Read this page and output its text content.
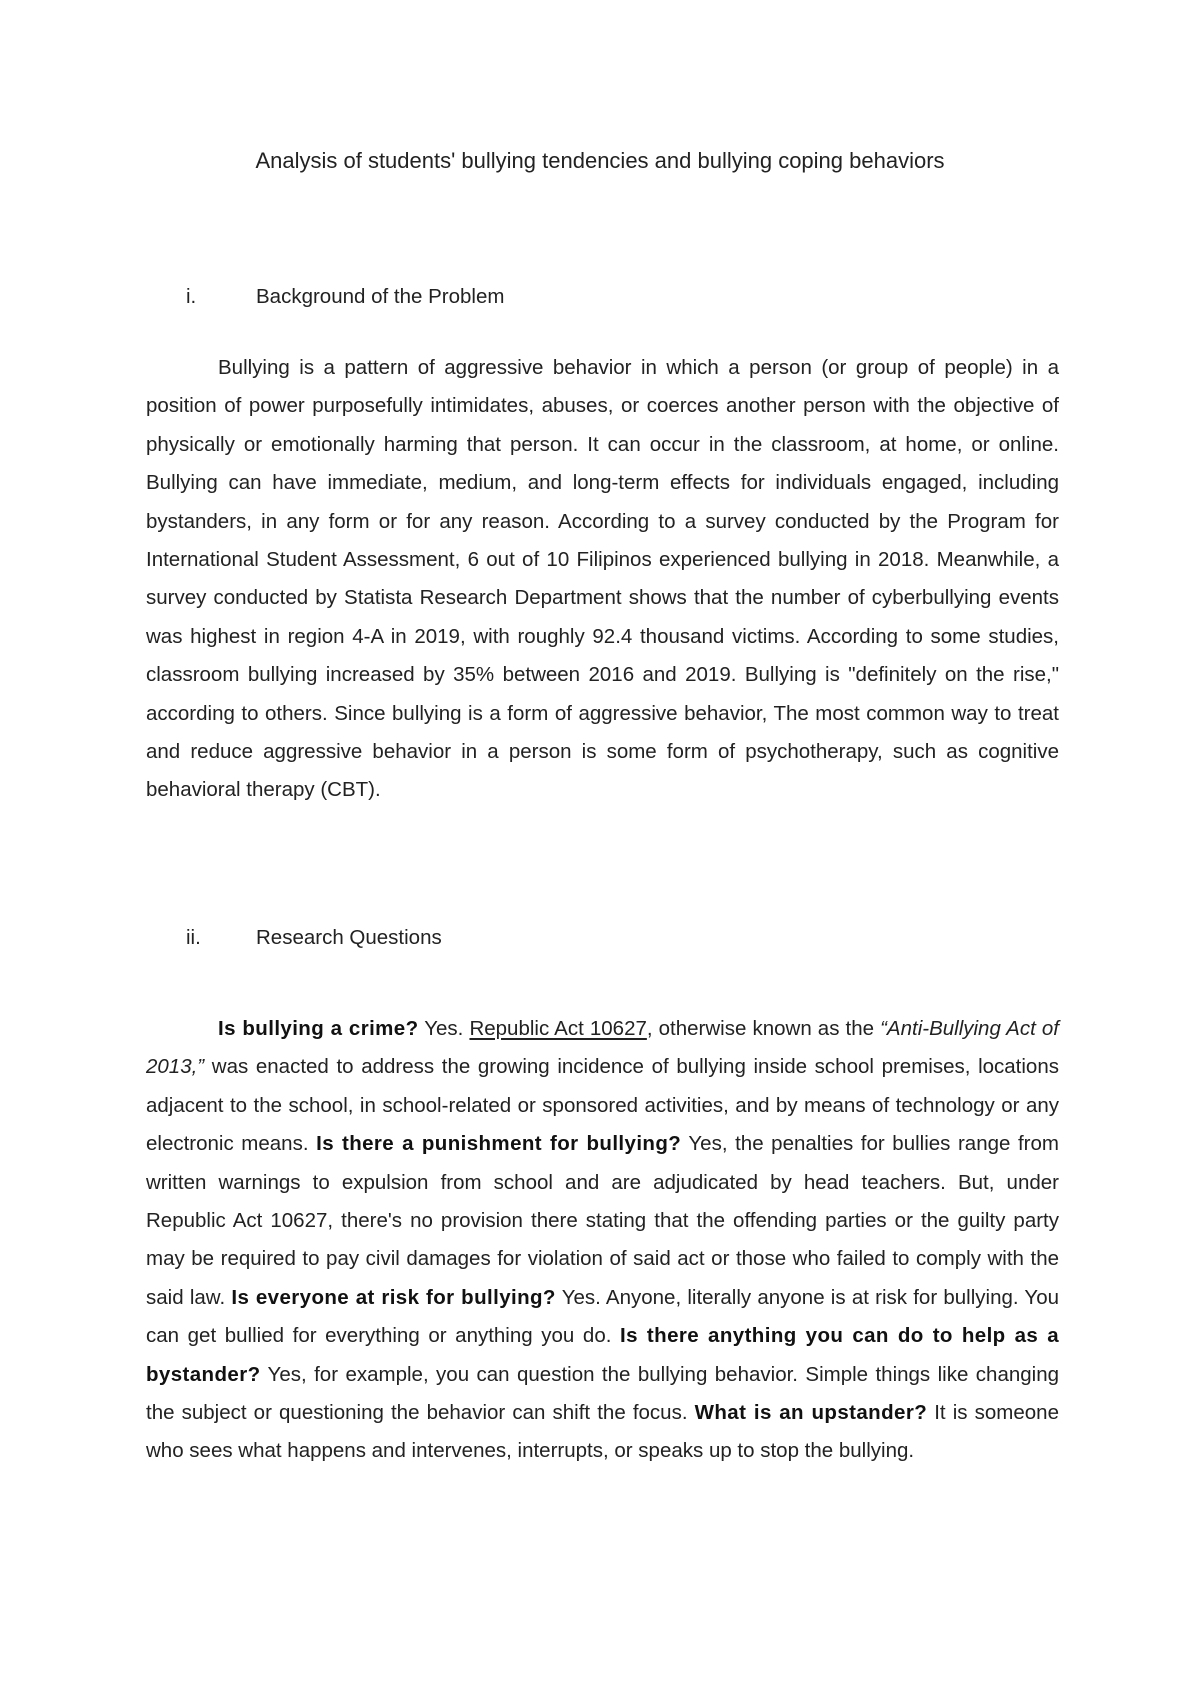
Analysis of students' bullying tendencies and bullying coping behaviors
i.	Background of the Problem

Bullying is a pattern of aggressive behavior in which a person (or group of people) in a position of power purposefully intimidates, abuses, or coerces another person with the objective of physically or emotionally harming that person. It can occur in the classroom, at home, or online. Bullying can have immediate, medium, and long-term effects for individuals engaged, including bystanders, in any form or for any reason. According to a survey conducted by the Program for International Student Assessment, 6 out of 10 Filipinos experienced bullying in 2018. Meanwhile, a survey conducted by Statista Research Department shows that the number of cyberbullying events was highest in region 4-A in 2019, with roughly 92.4 thousand victims. According to some studies, classroom bullying increased by 35% between 2016 and 2019. Bullying is "definitely on the rise," according to others. Since bullying is a form of aggressive behavior, The most common way to treat and reduce aggressive behavior in a person is some form of psychotherapy, such as cognitive behavioral therapy (CBT).

ii.	Research Questions

Is bullying a crime? Yes. Republic Act 10627, otherwise known as the “Anti-Bullying Act of 2013,” was enacted to address the growing incidence of bullying inside school premises, locations adjacent to the school, in school-related or sponsored activities, and by means of technology or any electronic means. Is there a punishment for bullying? Yes, the penalties for bullies range from written warnings to expulsion from school and are adjudicated by head teachers. But, under Republic Act 10627, there's no provision there stating that the offending parties or the guilty party may be required to pay civil damages for violation of said act or those who failed to comply with the said law. Is everyone at risk for bullying? Yes. Anyone, literally anyone is at risk for bullying. You can get bullied for everything or anything you do. Is there anything you can do to help as a bystander? Yes, for example, you can question the bullying behavior. Simple things like changing the subject or questioning the behavior can shift the focus. What is an upstander? It is someone who sees what happens and intervenes, interrupts, or speaks up to stop the bullying.
